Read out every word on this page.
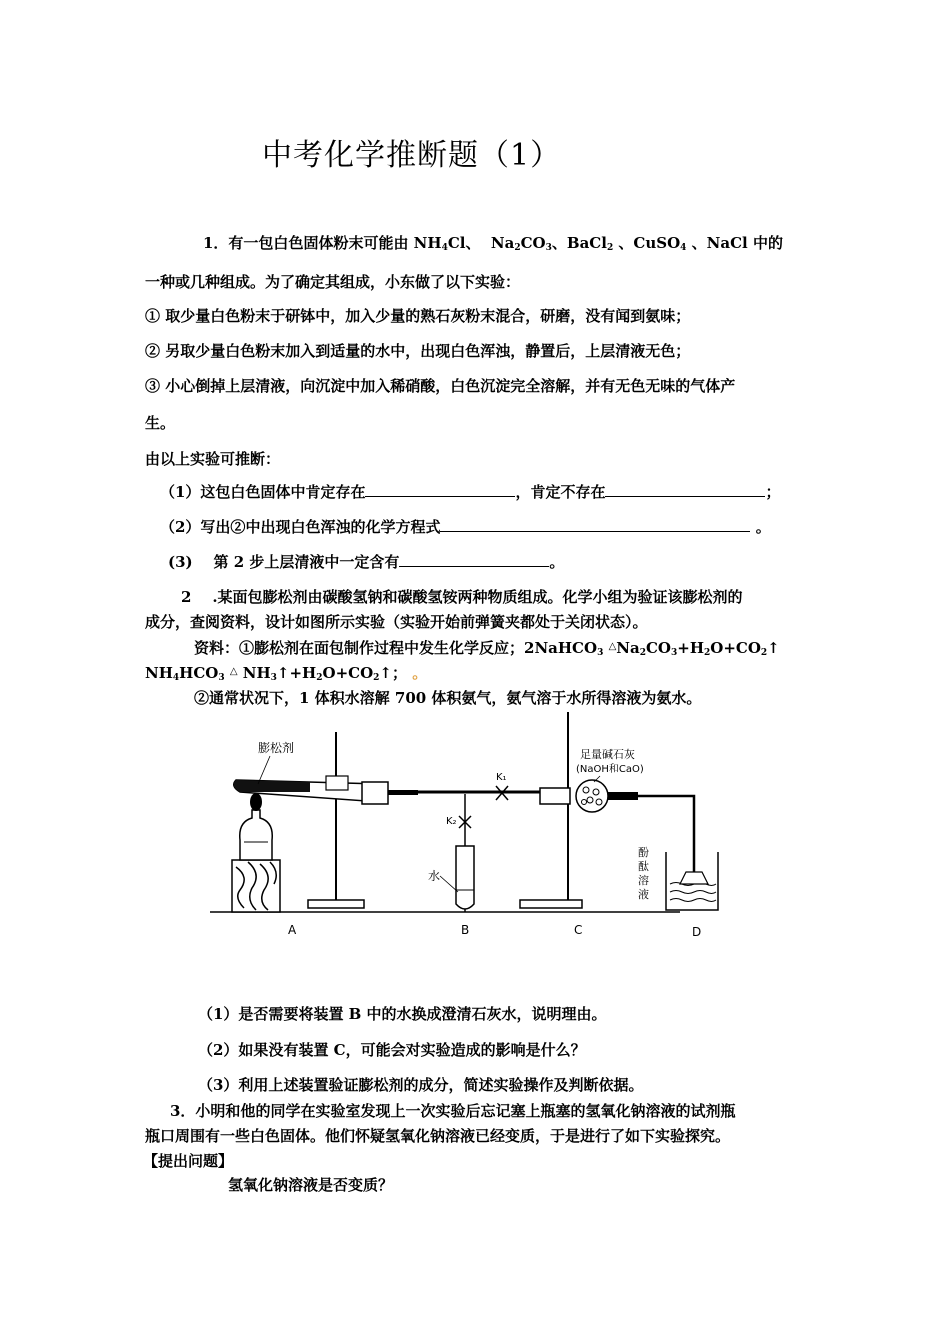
中考化学推断题（1）
1．有一包白色固体粉末可能由 $NH_4Cl$、  $Na_2CO_3$、BaCl$_2$ 、CuSO$_4$ 、NaCl 中的
一种或几种组成。为了确定其组成，小东做了以下实验：
① 取少量白色粉末于研钵中，加入少量的熟石灰粉末混合，研磨，没有闻到氨味；
② 另取少量白色粉末加入到适量的水中，出现白色浑浊，静置后，上层清液无色；
③ 小心倒掉上层清液，向沉淀中加入稀硝酸，白色沉淀完全溶解，并有无色无味的气体产
生。
由以上实验可推断：
（1）这包白色固体中肯定存在	，肯定不存在	；
（2）写出②中出现白色浑浊的化学方程式	。
(3) 第 2 步上层清液中一定含有	。
2 .某面包膨松剂由碳酸氢钠和碳酸氢铵两种物质组成。化学小组为验证该膨松剂的
成分，查阅资料，设计如图所示实验（实验开始前弹簧夹都处于关闭状态）。
资料：①膨松剂在面包制作过程中发生化学反应；2NaHCO$_3$ $^\triangle Na_2CO_3+H_2O+CO_2↑$
$NH_4HCO_3$ △ $NH_3↑+H_2O+CO_2↑$； 。
②通常状况下，1 体积水溶解 700 体积氨气，氨气溶于水所得溶液为氨水。
膨松剂
K₁
K₂
水
足量碱石灰
(NaOH和CaO)
酚
酞
溶
液
A	B	C	D
（1）是否需要将装置 B 中的水换成澄清石灰水，说明理由。
（2）如果没有装置 C，可能会对实验造成的影响是什么？
（3）利用上述装置验证膨松剂的成分，简述实验操作及判断依据。
3．小明和他的同学在实验室发现上一次实验后忘记塞上瓶塞的氢氧化钠溶液的试剂瓶
瓶口周围有一些白色固体。他们怀疑氢氧化钠溶液已经变质，于是进行了如下实验探究。
【提出问题】
氢氧化钠溶液是否变质？
